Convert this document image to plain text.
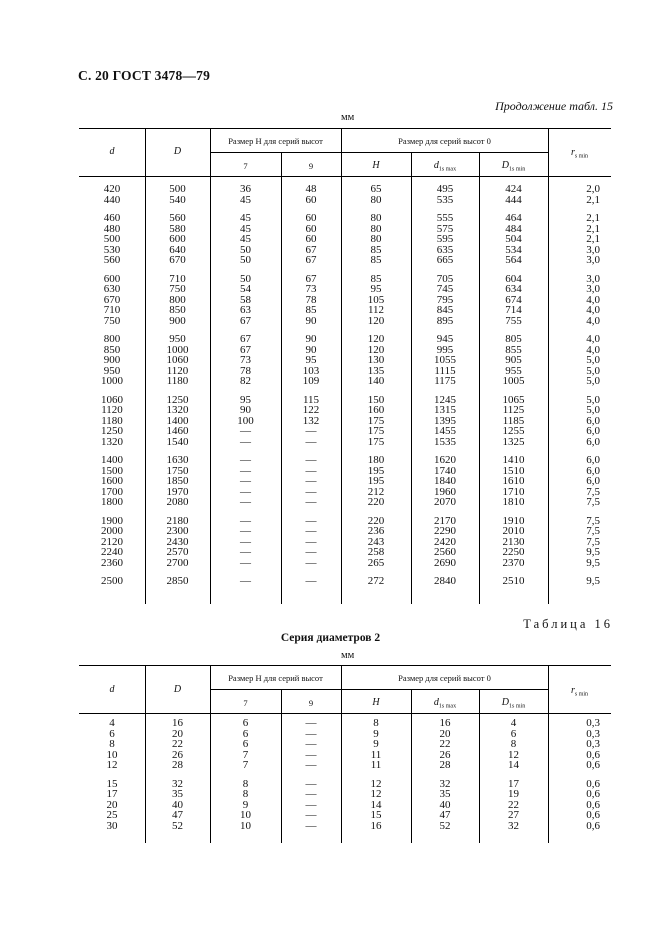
С. 20 ГОСТ 3478—79
Продолжение табл. 15
мм
d	D
Размер H для серий высот	Размер для серий высот 0
7	9	H	$d_{1s max}$	$D_{1s min}$
$r_{s min}$
420	500	36	48	65	495	424	2,0
440	540	45	60	80	535	444	2,1
460	560	45	60	80	555	464	2,1
480	580	45	60	80	575	484	2,1
500	600	45	60	80	595	504	2,1
530	640	50	67	85	635	534	3,0
560	670	50	67	85	665	564	3,0
600	710	50	67	85	705	604	3,0
630	750	54	73	95	745	634	3,0
670	800	58	78	105	795	674	4,0
710	850	63	85	112	845	714	4,0
750	900	67	90	120	895	755	4,0
800	950	67	90	120	945	805	4,0
850	1000	67	90	120	995	855	4,0
900	1060	73	95	130	1055	905	5,0
950	1120	78	103	135	1115	955	5,0
1000	1180	82	109	140	1175	1005	5,0
1060	1250	95	115	150	1245	1065	5,0
1120	1320	90	122	160	1315	1125	5,0
1180	1400	100	132	175	1395	1185	6,0
1250	1460	—	—	175	1455	1255	6,0
1320	1540	—	—	175	1535	1325	6,0
1400	1630	—	—	180	1620	1410	6,0
1500	1750	—	—	195	1740	1510	6,0
1600	1850	—	—	195	1840	1610	6,0
1700	1970	—	—	212	1960	1710	7,5
1800	2080	—	—	220	2070	1810	7,5
1900	2180	—	—	220	2170	1910	7,5
2000	2300	—	—	236	2290	2010	7,5
2120	2430	—	—	243	2420	2130	7,5
2240	2570	—	—	258	2560	2250	9,5
2360	2700	—	—	265	2690	2370	9,5
2500	2850	—	—	272	2840	2510	9,5
Таблица 16
Серия диаметров 2
мм
d	D
Размер H для серий высот	Размер для серий высот 0
7	9	H	$d_{1s max}$	$D_{1s min}$
$r_{s min}$
4	16	6	—	8	16	4	0,3
6	20	6	—	9	20	6	0,3
8	22	6	—	9	22	8	0,3
10	26	7	—	11	26	12	0,6
12	28	7	—	11	28	14	0,6
15	32	8	—	12	32	17	0,6
17	35	8	—	12	35	19	0,6
20	40	9	—	14	40	22	0,6
25	47	10	—	15	47	27	0,6
30	52	10	—	16	52	32	0,6
